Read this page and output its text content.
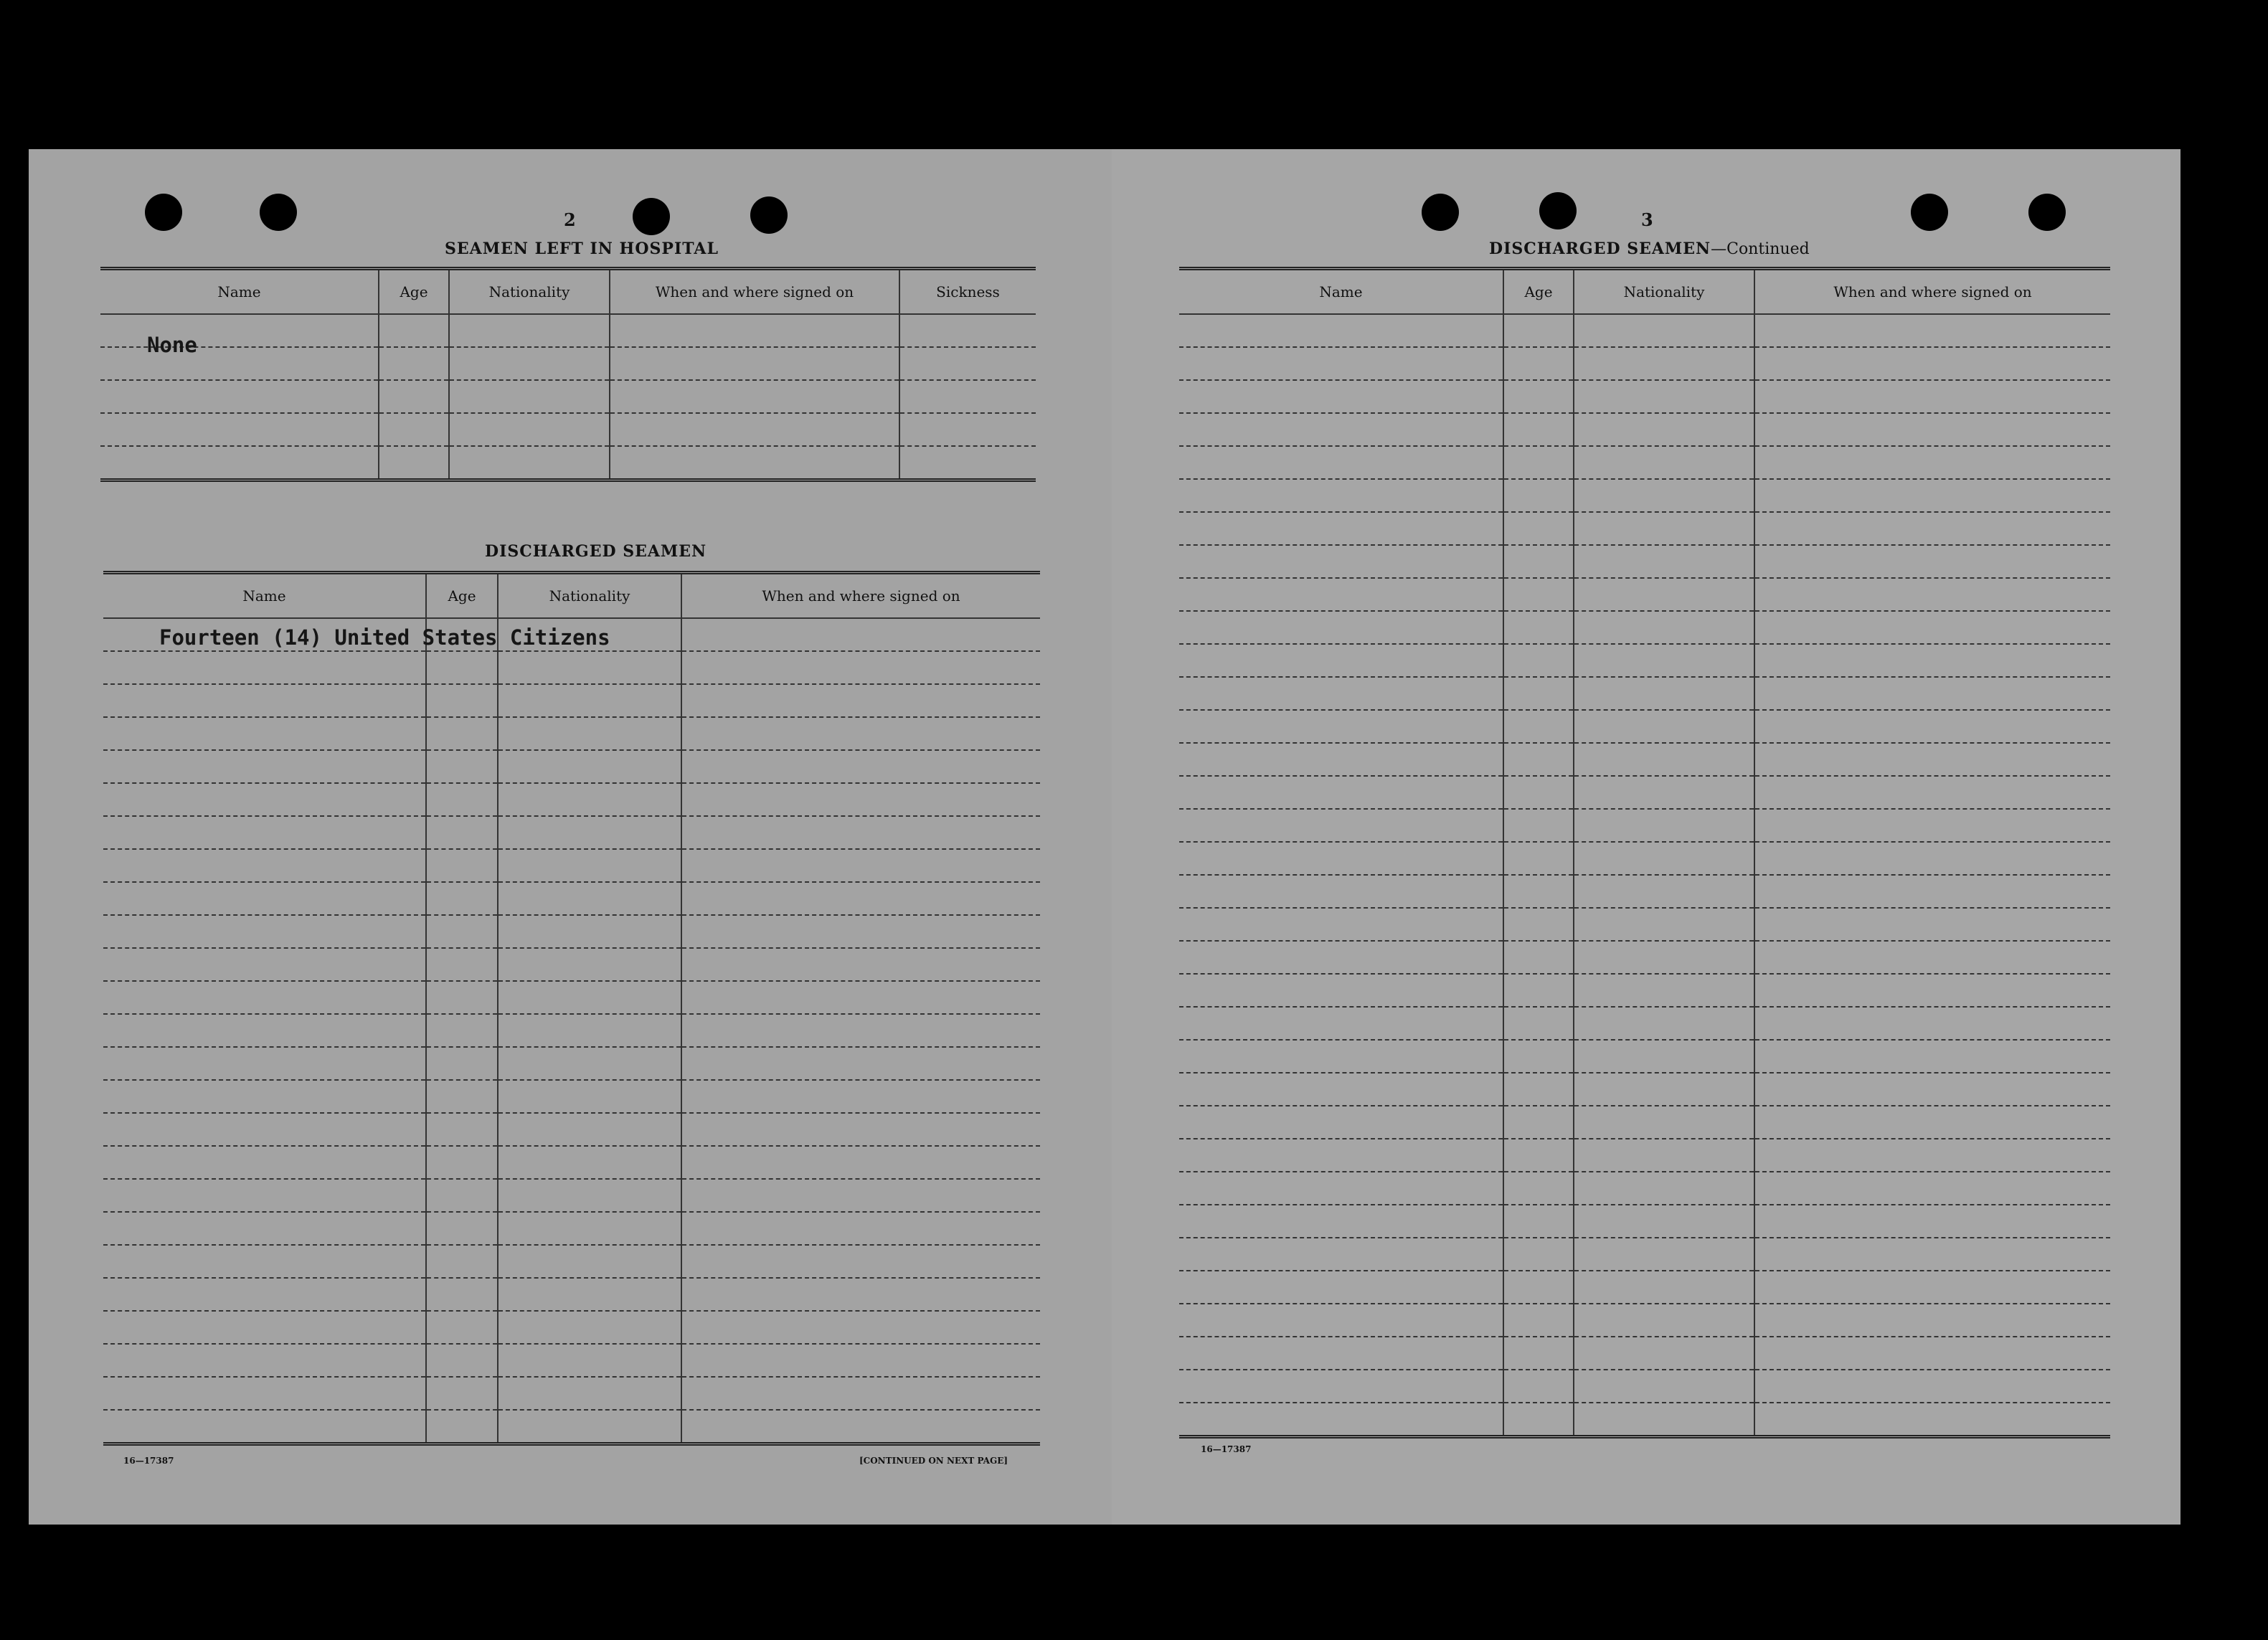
2
SEAMEN LEFT IN HOSPITAL
Name	Age	Nationality	When and where signed on	Sickness

None
DISCHARGED SEAMEN
Name	Age	Nationality	When and where signed on

Fourteen (14) United States Citizens
16—17387	[CONTINUED ON NEXT PAGE]
3
DISCHARGED SEAMEN—Continued
Name	Age	Nationality	When and where signed on

16—17387
